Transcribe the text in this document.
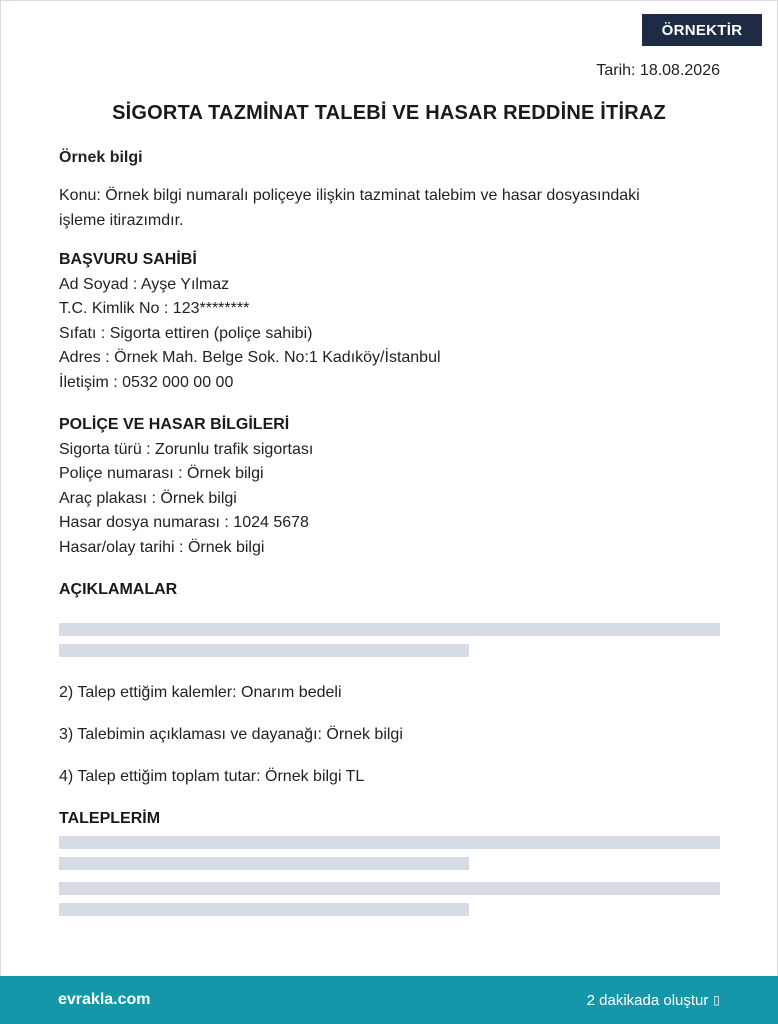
ÖRNEKTİR
Tarih: 18.08.2026
SİGORTA TAZMİNAT TALEBİ VE HASAR REDDİNE İTİRAZ
Örnek bilgi
Konu: Örnek bilgi numaralı poliçeye ilişkin tazminat talebim ve hasar dosyasındaki
işleme itirazımdır.
BAŞVURU SAHİBİ
Ad Soyad : Ayşe Yılmaz
T.C. Kimlik No : 123********
Sıfatı : Sigorta ettiren (poliçe sahibi)
Adres : Örnek Mah. Belge Sok. No:1 Kadıköy/İstanbul
İletişim : 0532 000 00 00
POLİÇE VE HASAR BİLGİLERİ
Sigorta türü : Zorunlu trafik sigortası
Poliçe numarası : Örnek bilgi
Araç plakası : Örnek bilgi
Hasar dosya numarası : 1024 5678
Hasar/olay tarihi : Örnek bilgi
AÇIKLAMALAR
2) Talep ettiğim kalemler: Onarım bedeli
3) Talebimin açıklaması ve dayanağı: Örnek bilgi
4) Talep ettiğim toplam tutar: Örnek bilgi TL
TALEPLERİM
evrakla.com	2 dakikada oluştur ▯
